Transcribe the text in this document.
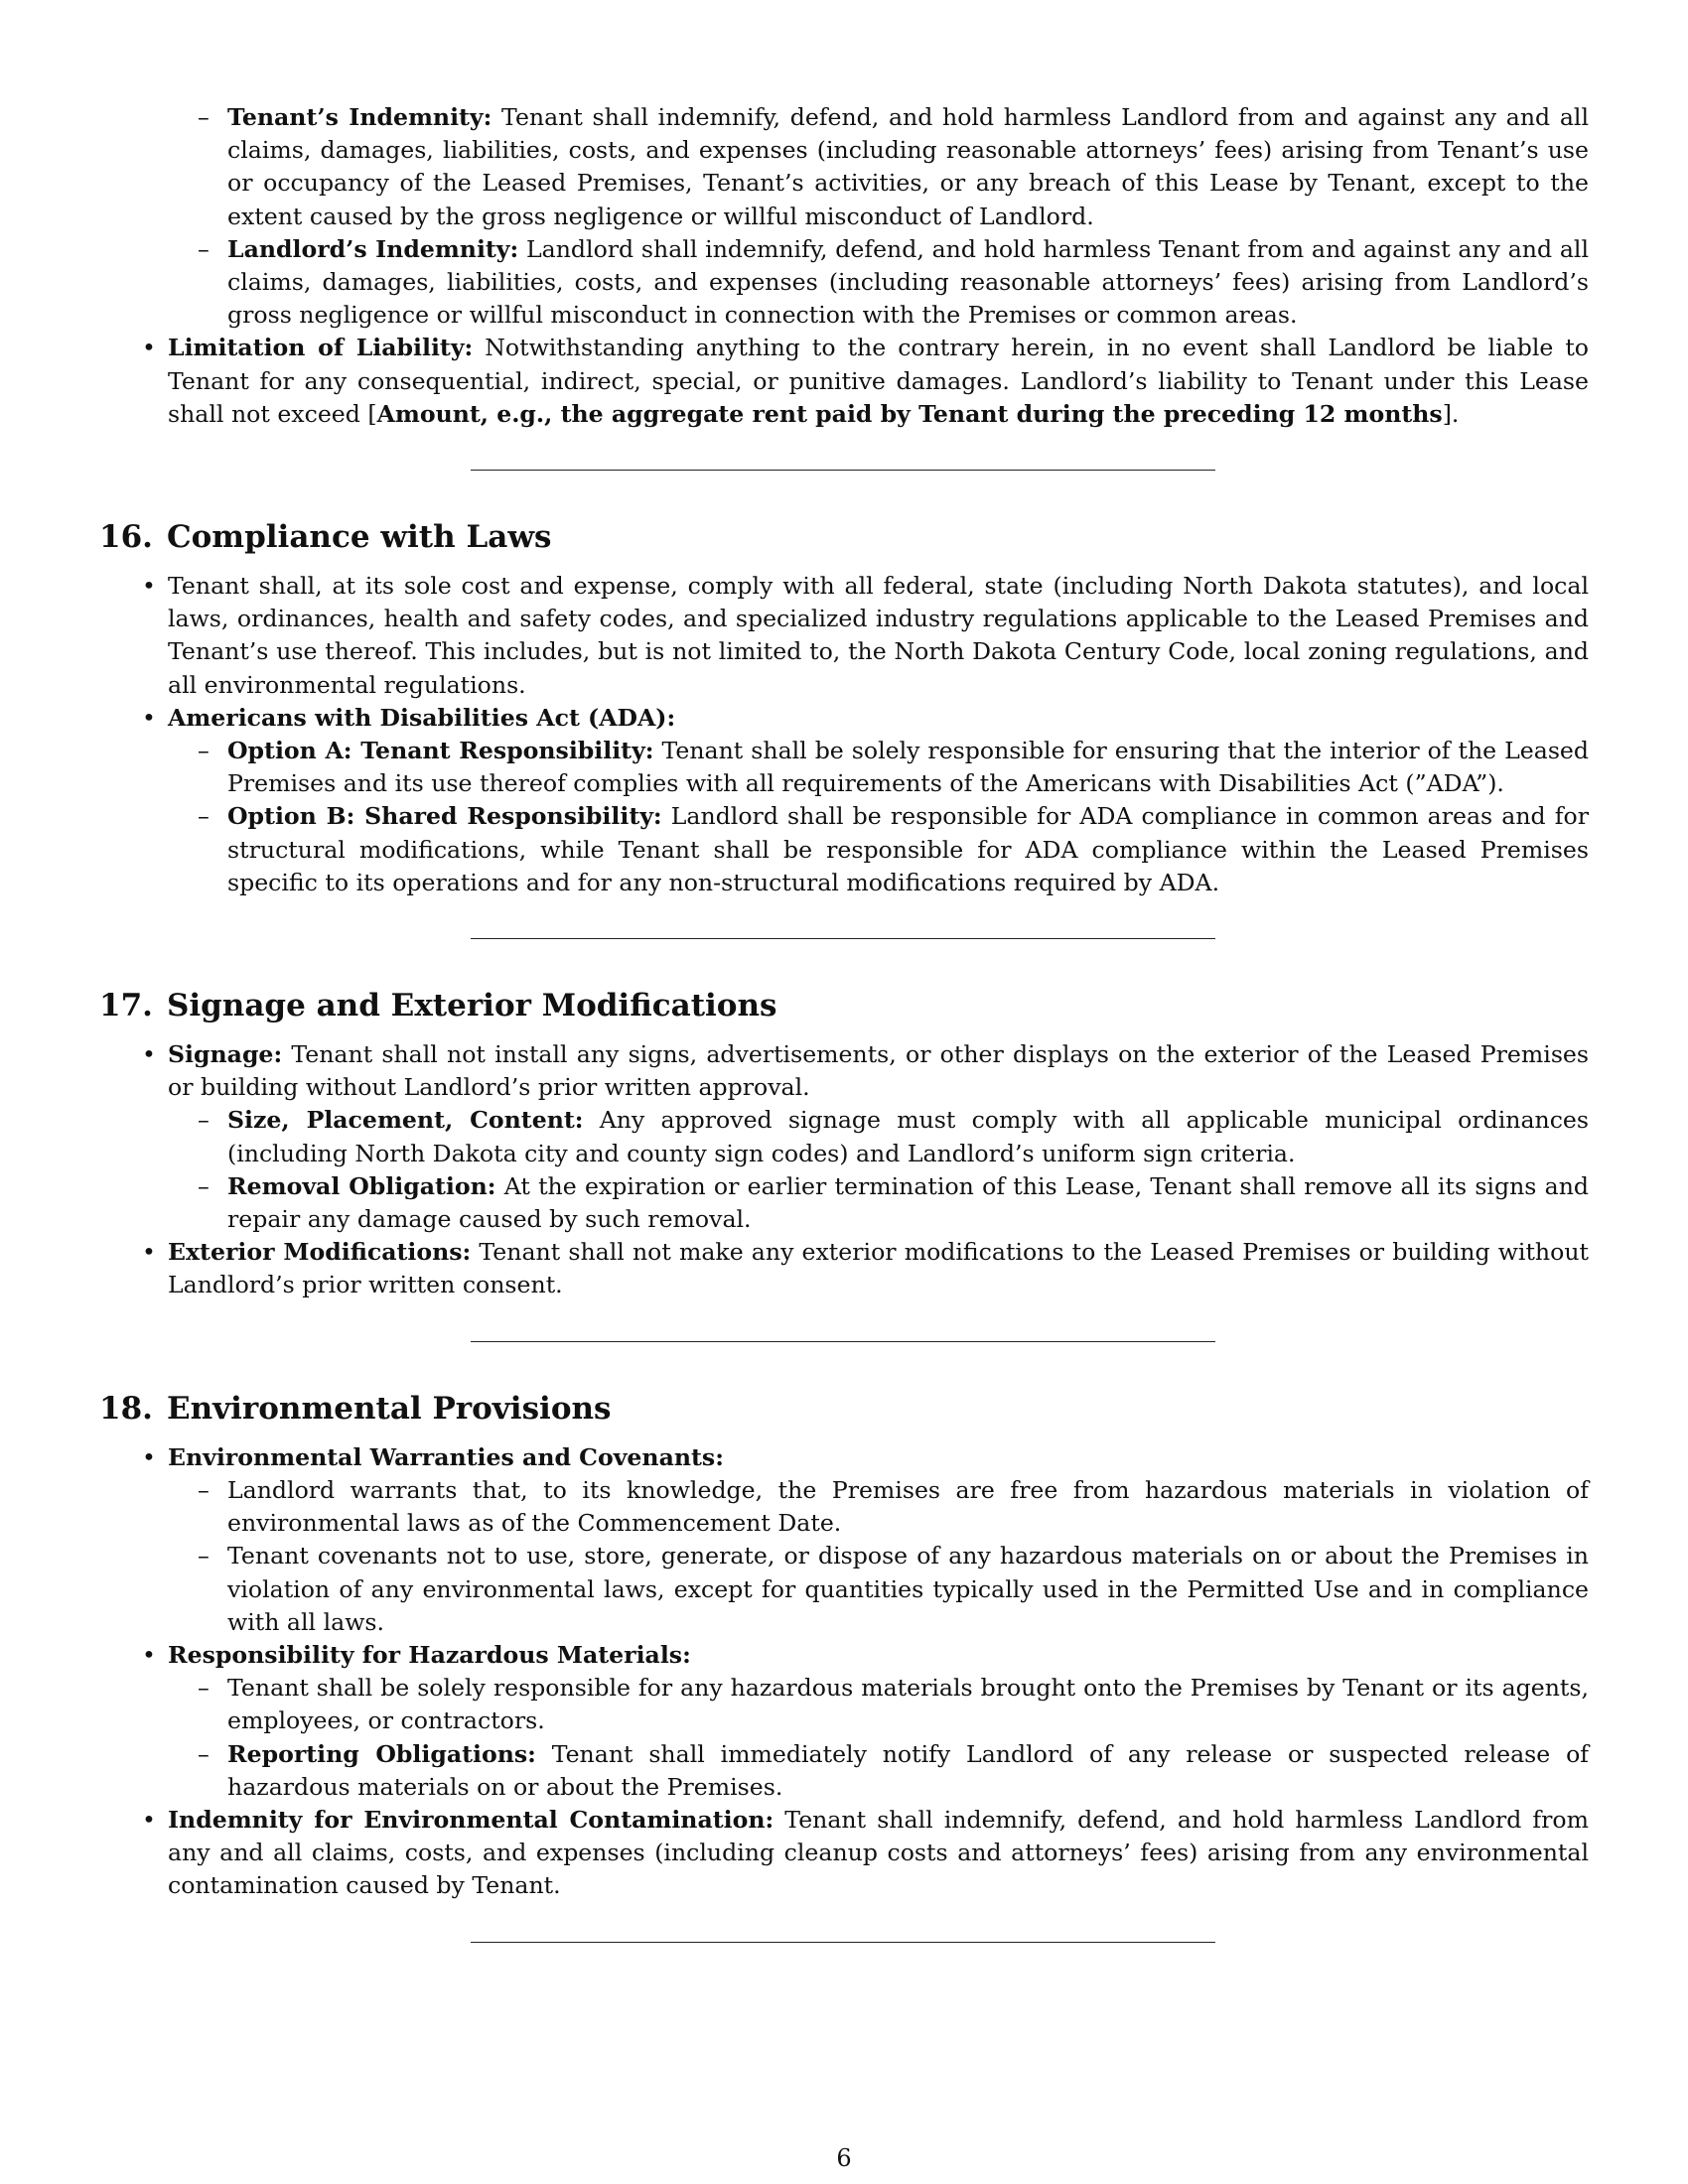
– Tenant’s Indemnity: Tenant shall indemnify, defend, and hold harmless Landlord from and against any and all claims, damages, liabilities, costs, and expenses (including reasonable attorneys’ fees) arising from Tenant’s use or occupancy of the Leased Premises, Tenant’s activities, or any breach of this Lease by Tenant, except to the extent caused by the gross negligence or willful misconduct of Landlord.
– Landlord’s Indemnity: Landlord shall indemnify, defend, and hold harmless Tenant from and against any and all claims, damages, liabilities, costs, and expenses (including reasonable attorneys’ fees) arising from Landlord’s gross negligence or willful misconduct in connection with the Premises or common areas.
• Limitation of Liability: Notwithstanding anything to the contrary herein, in no event shall Landlord be liable to Tenant for any consequential, indirect, special, or punitive damages. Landlord’s liability to Tenant under this Lease shall not exceed [Amount, e.g., the aggregate rent paid by Tenant during the preceding 12 months].
16. Compliance with Laws
• Tenant shall, at its sole cost and expense, comply with all federal, state (including North Dakota statutes), and local laws, ordinances, health and safety codes, and specialized industry regulations applicable to the Leased Premises and Tenant’s use thereof. This includes, but is not limited to, the North Dakota Century Code, local zoning regulations, and all environmental regulations.
• Americans with Disabilities Act (ADA):
– Option A: Tenant Responsibility: Tenant shall be solely responsible for ensuring that the interior of the Leased Premises and its use thereof complies with all requirements of the Americans with Disabilities Act (”ADA”).
– Option B: Shared Responsibility: Landlord shall be responsible for ADA compliance in common areas and for structural modifications, while Tenant shall be responsible for ADA compliance within the Leased Premises specific to its operations and for any non-structural modifications required by ADA.
17. Signage and Exterior Modifications
• Signage: Tenant shall not install any signs, advertisements, or other displays on the exterior of the Leased Premises or building without Landlord’s prior written approval.
– Size, Placement, Content: Any approved signage must comply with all applicable municipal ordinances (including North Dakota city and county sign codes) and Landlord’s uniform sign criteria.
– Removal Obligation: At the expiration or earlier termination of this Lease, Tenant shall remove all its signs and repair any damage caused by such removal.
• Exterior Modifications: Tenant shall not make any exterior modifications to the Leased Premises or building without Landlord’s prior written consent.
18. Environmental Provisions
• Environmental Warranties and Covenants:
– Landlord warrants that, to its knowledge, the Premises are free from hazardous materials in violation of environmental laws as of the Commencement Date.
– Tenant covenants not to use, store, generate, or dispose of any hazardous materials on or about the Premises in violation of any environmental laws, except for quantities typically used in the Permitted Use and in compliance with all laws.
• Responsibility for Hazardous Materials:
– Tenant shall be solely responsible for any hazardous materials brought onto the Premises by Tenant or its agents, employees, or contractors.
– Reporting Obligations: Tenant shall immediately notify Landlord of any release or suspected release of hazardous materials on or about the Premises.
• Indemnity for Environmental Contamination: Tenant shall indemnify, defend, and hold harmless Landlord from any and all claims, costs, and expenses (including cleanup costs and attorneys’ fees) arising from any environmental contamination caused by Tenant.
6
